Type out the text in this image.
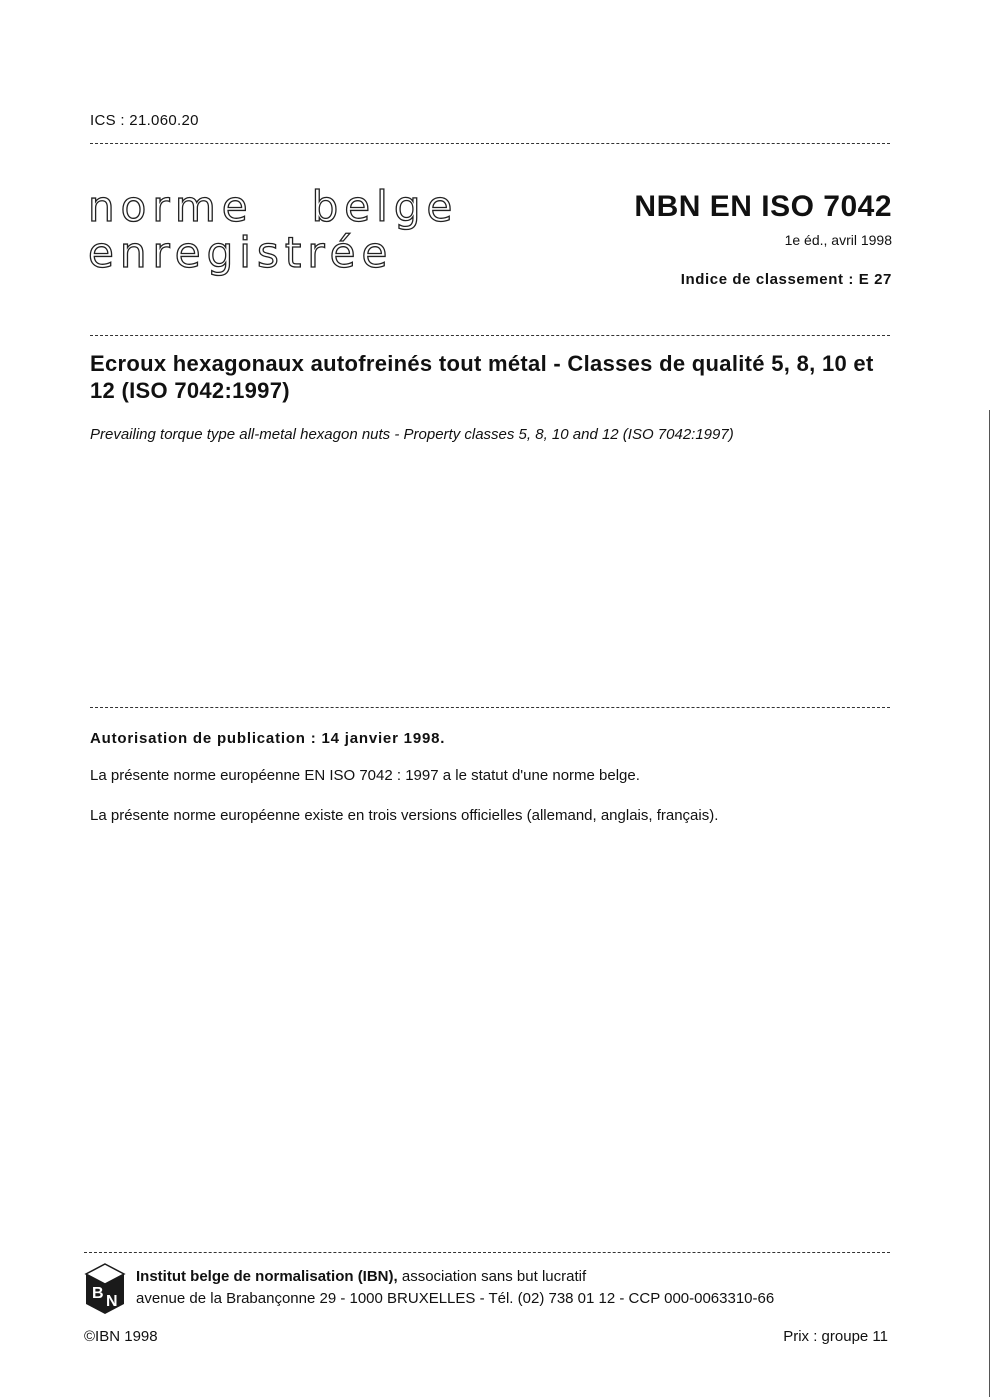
ICS : 21.060.20
norme   belge
enregistrée
NBN EN ISO 7042
1e éd., avril 1998
Indice de classement : E 27
Ecroux hexagonaux autofreinés tout métal - Classes de qualité 5, 8, 10 et 12 (ISO 7042:1997)
Prevailing torque type all-metal hexagon nuts - Property classes 5, 8, 10 and 12 (ISO 7042:1997)
Autorisation de publication : 14 janvier 1998.
La présente norme européenne EN ISO 7042 : 1997 a le statut d'une norme belge.
La présente norme européenne existe en trois versions officielles (allemand, anglais, français).
B N
Institut belge de normalisation (IBN), association sans but lucratif
avenue de la Brabançonne 29 - 1000 BRUXELLES - Tél. (02) 738 01 12 - CCP 000-0063310-66
©IBN 1998	Prix : groupe 11
